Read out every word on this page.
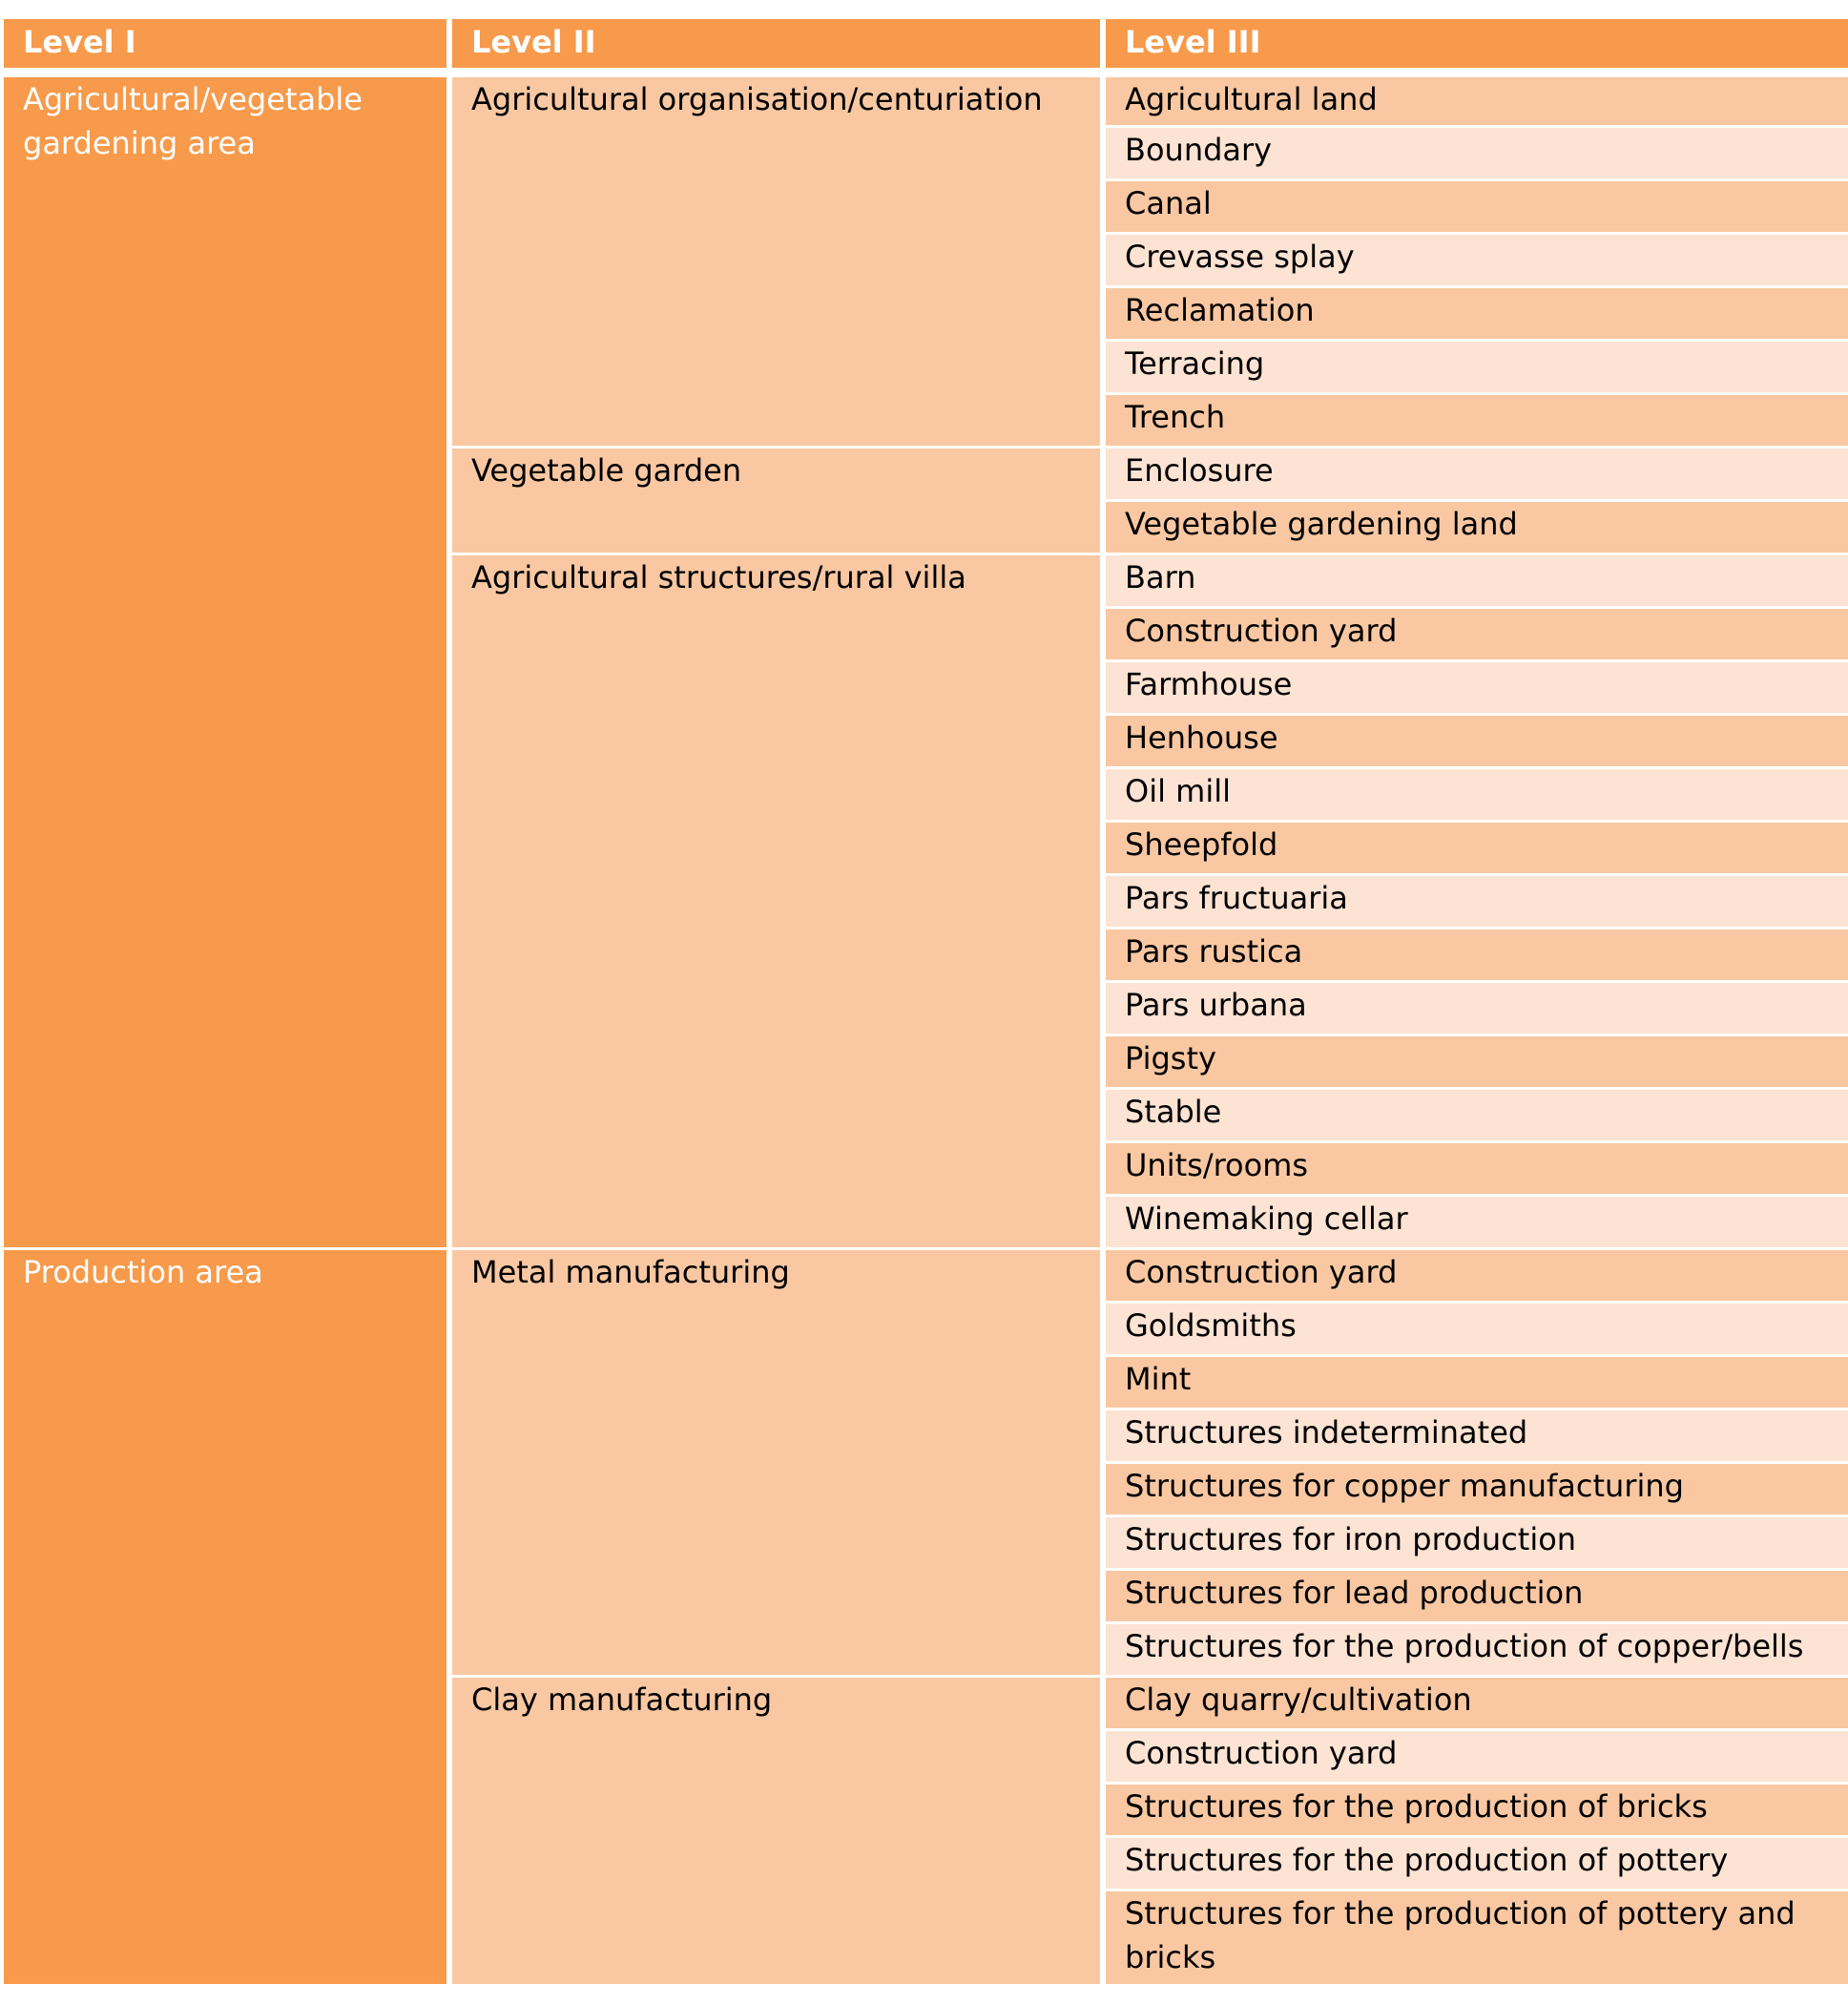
Level I	Level II	Level III
Agricultural/vegetable gardening area	Agricultural organisation/centuriation	Agricultural land
		Boundary
		Canal
		Crevasse splay
		Reclamation
		Terracing
		Trench
	Vegetable garden	Enclosure
		Vegetable gardening land
	Agricultural structures/rural villa	Barn
		Construction yard
		Farmhouse
		Henhouse
		Oil mill
		Sheepfold
		Pars fructuaria
		Pars rustica
		Pars urbana
		Pigsty
		Stable
		Units/rooms
		Winemaking cellar
Production area	Metal manufacturing	Construction yard
		Goldsmiths
		Mint
		Structures indeterminated
		Structures for copper manufacturing
		Structures for iron production
		Structures for lead production
		Structures for the production of copper/bells
	Clay manufacturing	Clay quarry/cultivation
		Construction yard
		Structures for the production of bricks
		Structures for the production of pottery
		Structures for the production of pottery and bricks
